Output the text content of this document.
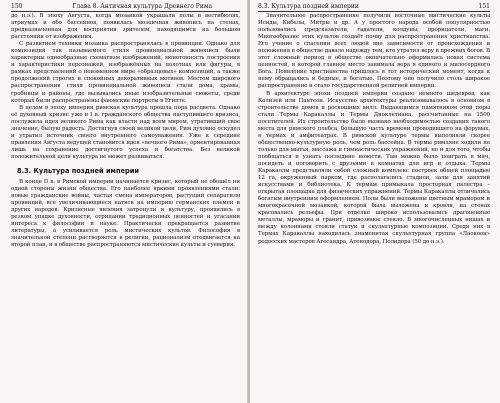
150	Глава 8. Античная культура Древнего Рима

до н.э.). В эпоху Августа, когда мозаикой украшали полы в вестибюлях, атриумах и обо бассейнов, появилась мозаичная живопись на стенах, предназначенная для восприятия зрителем, находящимся на большом расстоянии от изображения.

С развитием техники мозаика распространялась в провинции. Однако для композиций так называемого стиля провинциальной живописи были характерны однообразные схематизм изображений, монотонность построения и характеристики персонажей, изображённых на полотнах или фигуры, в рамках представлений о неизменном мире «образцовых» композиций, а также продолжений строгих и спокойных декоративных мотивов. Местом широкого распространения стиля провинциальной живописи стали дома, храмы, гробницы и районы, где вызывались иные изобразительные сюжеты, среди которых были распространены фаюмские портреты в Египте.

В целом в эпоху империи римская культура прошла пора расцвета. Однако её духовный кризис уже в I в. гражданского общества наступившего кризиса, послужила идея великого Рима как власти над всем миром, утративший свое значение, былую радость. Достигнув своей великой цели, Рим духовно оскудел и утратил источник своего внутреннего самоуважения. Уже к середине правления Августа ведущей становится идея «вечного Рима», ориентированная лишь на сохранение достигнутого успеха и богатства. Без великой положительной цели культура не может развиваться.

8.3. Культура поздней империи

В конце II в. в Римской империи начинается кризис, который не обошёл ни одной стороны жизни общества. Его наиболее яркими проявлениями стали: новые гражданские войны, частая смена императоров, растущий сепаратизм провинций, все увеличивающиеся натиск на империю германских племен и других народов. Кризисные явления затронули и культуру, проявились в резком упадке духовности, отрицании традиционных ценностей и угасании интереса к философии и науке. Практически прекращается развитие литературы, а усиливается роль мистических культов. Философия в значительной степени растворяется в религии, рационализм отодвигается на второй план, и в обществе распространяются мистические культы и суеверия.

8.3. Культура поздней империи	151

Значительное распространение получили восточные мистические культы Исиды, Кибелы, Митры и др. А у простого народа особой популярностью пользовались предсказатели, гадатели, колдуны, прорицатели, маги. Многообразие этих культов создаёт почву для распространения христианства. Его учение о спасении всех людей вне зависимости от происхождения и положения в обществе давало надежду тем, кто утратил веру в прежних богов. В этот сложный период в обществе окончательно оформилась новая система ценностей, в которой главное место занимала вера в единого и милосердного Бога. Появление христианства пришлось в тот исторический момент, когда к нему обращались и бедные, и богатые. Поэтому оно получило столь широкое распространение и стало государственной религией империи.

В архитектуре эпохи поздней империи создано немного шедевров, как Колизей или Пантеон. Искусство архитектуры реализовывалось в основном в строительстве домов и роскошных вилл. Выдающимся памятником этой поры стали Термы Каракаллы и Термы Диоклетиана, рассчитанные на 1500 посетителей. Их строительство было вызвано необходимостью создания такого места для римского плебса, большую часть времени проводившего на форумах, в термах и амфитеатрах. В римской культуре термы выполняли скорее общественно-культурную роль, чем роль бассейна. В термы римляне ходили не только для мытья, массажа и гимнастических упражнений, но и для того, чтобы пообщаться и узнать последние новости. Там можно было поиграть в мяч, посидеть и поговорить с друзьями в комнатах для игр и отдыха. Термы Каракаллы представляли собой сложный комплекс построек общей площадью 12 га, окруженный парком, где располагались стадион, залы для занятий искусствами и библиотека. К термам примыкала просторная палестра – открытая площадка для физических упражнений. Термы Каракаллы отличались богатым внутренним оформлением. Полы были выложены цветным мрамором и многокрасочной мозаикой, которой была выложена и кровля, на стенах красовались рельефы. При отделке широко использовались драгоценные металлы, мраморы и гранит, привозимое стекло. В многочисленных нишах и между колоннами стояли статуи и скульптурные композиции. Среди них в Термах Каракаллы находилась знаменитая скульптурная группа «Лаокоон» родосских мастеров Агесандра, Атенодора, Полидора (50 до н.э.).
